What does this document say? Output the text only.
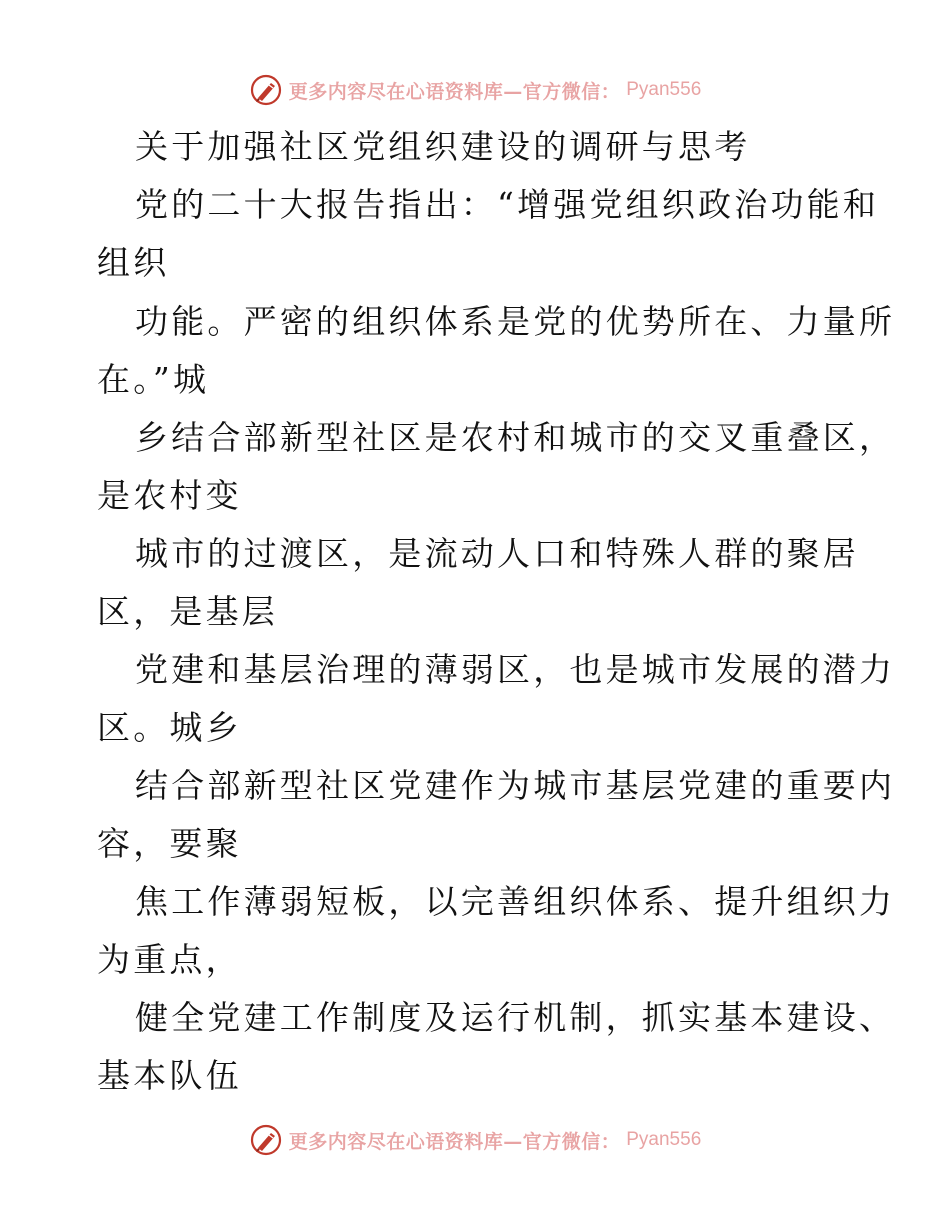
更多内容尽在心语资料库—官方微信： Pyan556
关于加强社区党组织建设的调研与思考
党的二十大报告指出：“增强党组织政治功能和
组织
功能。严密的组织体系是党的优势所在、力量所
在。”城
乡结合部新型社区是农村和城市的交叉重叠区，
是农村变
城市的过渡区，是流动人口和特殊人群的聚居
区，是基层
党建和基层治理的薄弱区，也是城市发展的潜力
区。城乡
结合部新型社区党建作为城市基层党建的重要内
容，要聚
焦工作薄弱短板，以完善组织体系、提升组织力
为重点，
健全党建工作制度及运行机制，抓实基本建设、
基本队伍
更多内容尽在心语资料库—官方微信： Pyan556
